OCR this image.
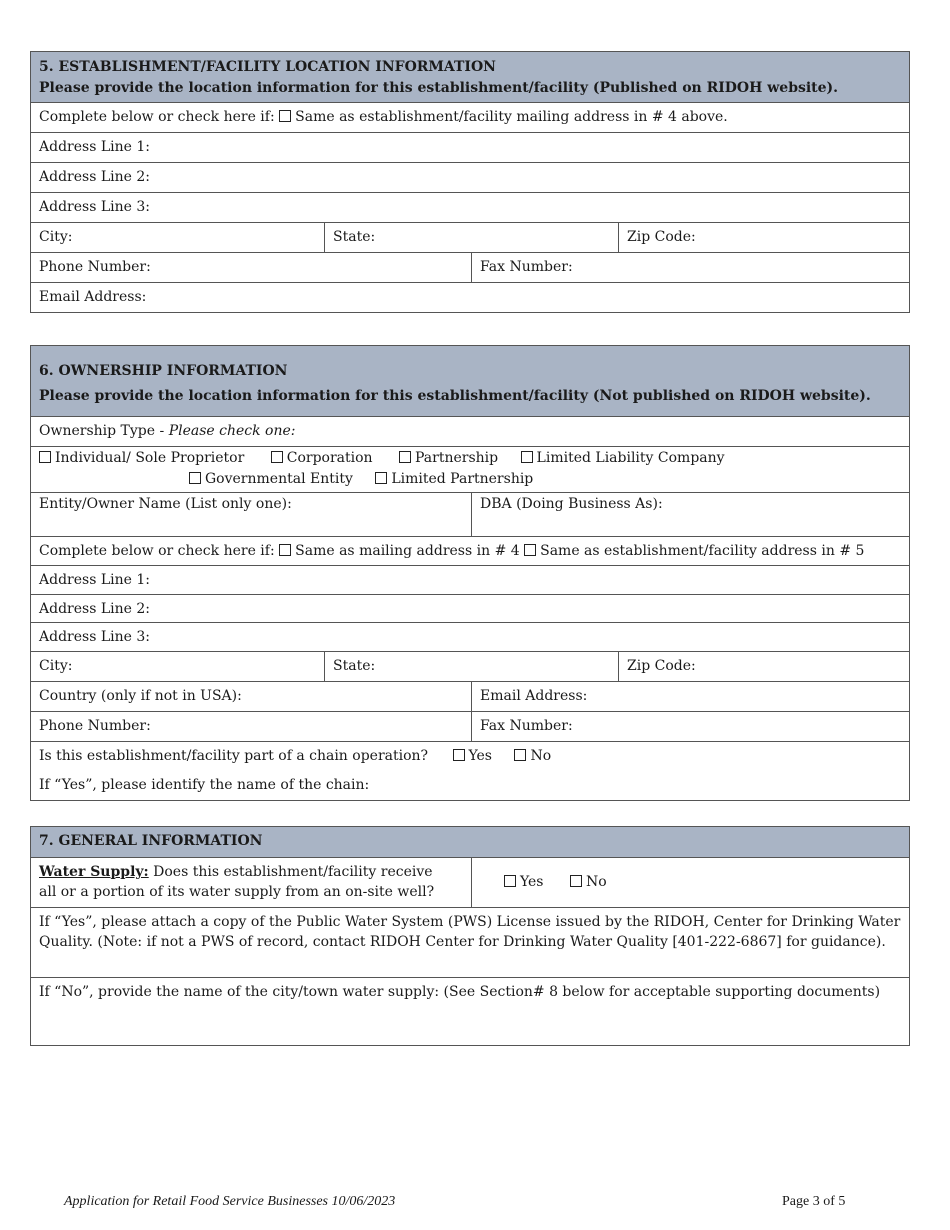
5. ESTABLISHMENT/FACILITY LOCATION INFORMATION
Please provide the location information for this establishment/facility (Published on RIDOH website).
Complete below or check here if: Same as establishment/facility mailing address in # 4 above.
Address Line 1:
Address Line 2:
Address Line 3:
City:	State:	Zip Code:
Phone Number:	Fax Number:
Email Address:
6. OWNERSHIP INFORMATION
Please provide the location information for this establishment/facility (Not published on RIDOH website).
Ownership Type - Please check one:
Individual/ Sole Proprietor	Corporation	Partnership	Limited Liability Company
Governmental Entity	Limited Partnership
Entity/Owner Name (List only one):	DBA (Doing Business As):
Complete below or check here if: Same as mailing address in # 4 Same as establishment/facility address in # 5
Address Line 1:
Address Line 2:
Address Line 3:
City:	State:	Zip Code:
Country (only if not in USA):	Email Address:
Phone Number:	Fax Number:
Is this establishment/facility part of a chain operation?	Yes	No
If “Yes”, please identify the name of the chain:
7. GENERAL INFORMATION
Water Supply: Does this establishment/facility receive
all or a portion of its water supply from an on-site well?
Yes	No
If “Yes”, please attach a copy of the Public Water System (PWS) License issued by the RIDOH, Center for Drinking Water Quality. (Note: if not a PWS of record, contact RIDOH Center for Drinking Water Quality [401-222-6867] for guidance).
If “No”, provide the name of the city/town water supply: (See Section# 8 below for acceptable supporting documents)
Application for Retail Food Service Businesses 10/06/2023	Page 3 of 5
